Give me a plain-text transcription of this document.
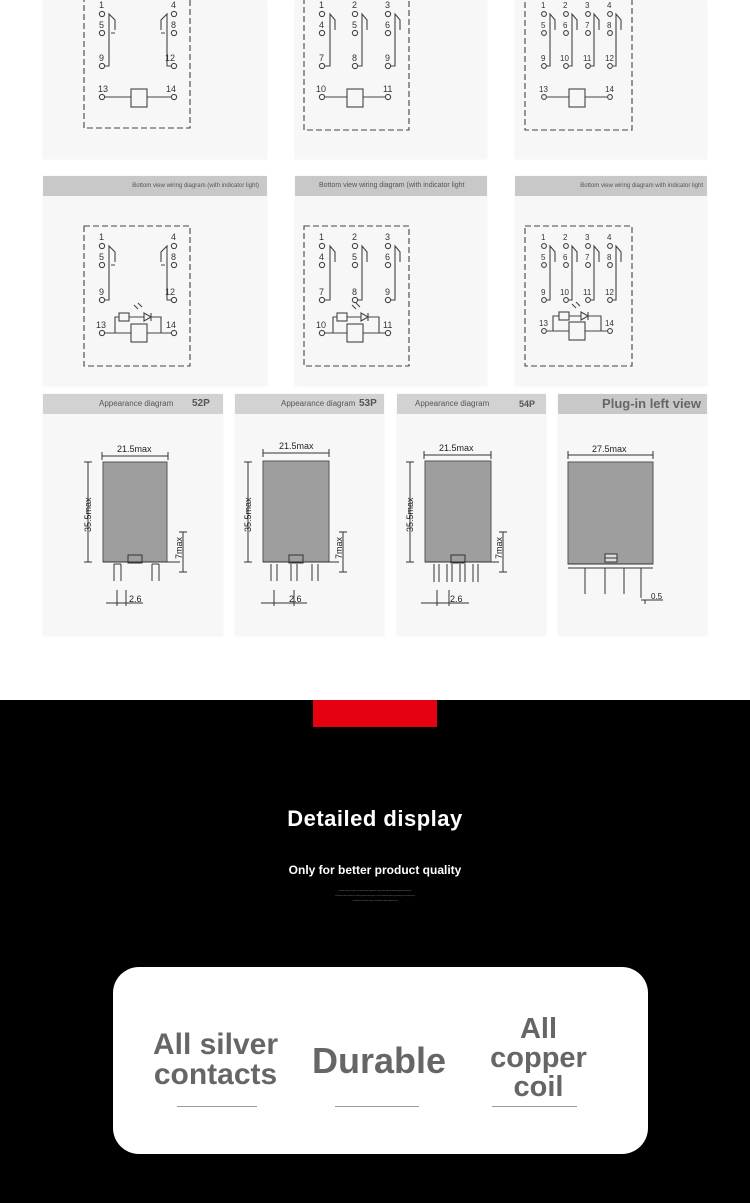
1	4
5	8
9	12
13	14
1	2	3
4	5	6
7	8	9
10	11
1 2 3 4
5 6 7 8
9 10 11 12
13	14
Bottom view wiring diagram (with indicator light)
1	4
5	8
9	12
13	14
Bottom view wiring diagram (with indicator light
1	2	3
4	5	6
7	8	9
10	11
Bottom view wiring diagram with indicator light
1 2 3 4
5 6 7 8
9 10 11 12
13	14
Appearance diagram 52P
21.5max
35.5max
7max
2.6
Appearance diagram 53P
21.5max
35.5max
7max
2.6
Appearance diagram	54P
21.5max
35.5max
7max
2.6
Plug-in left view
27.5max
0.5
Detailed display
Only for better product quality
Sealed relay contact construction supports long term stable switching performance
Selected raw materials strict production process and reliable quality testing for every batch
Compact structure easy installation wide application
All silver contacts Durable
All copper coil
